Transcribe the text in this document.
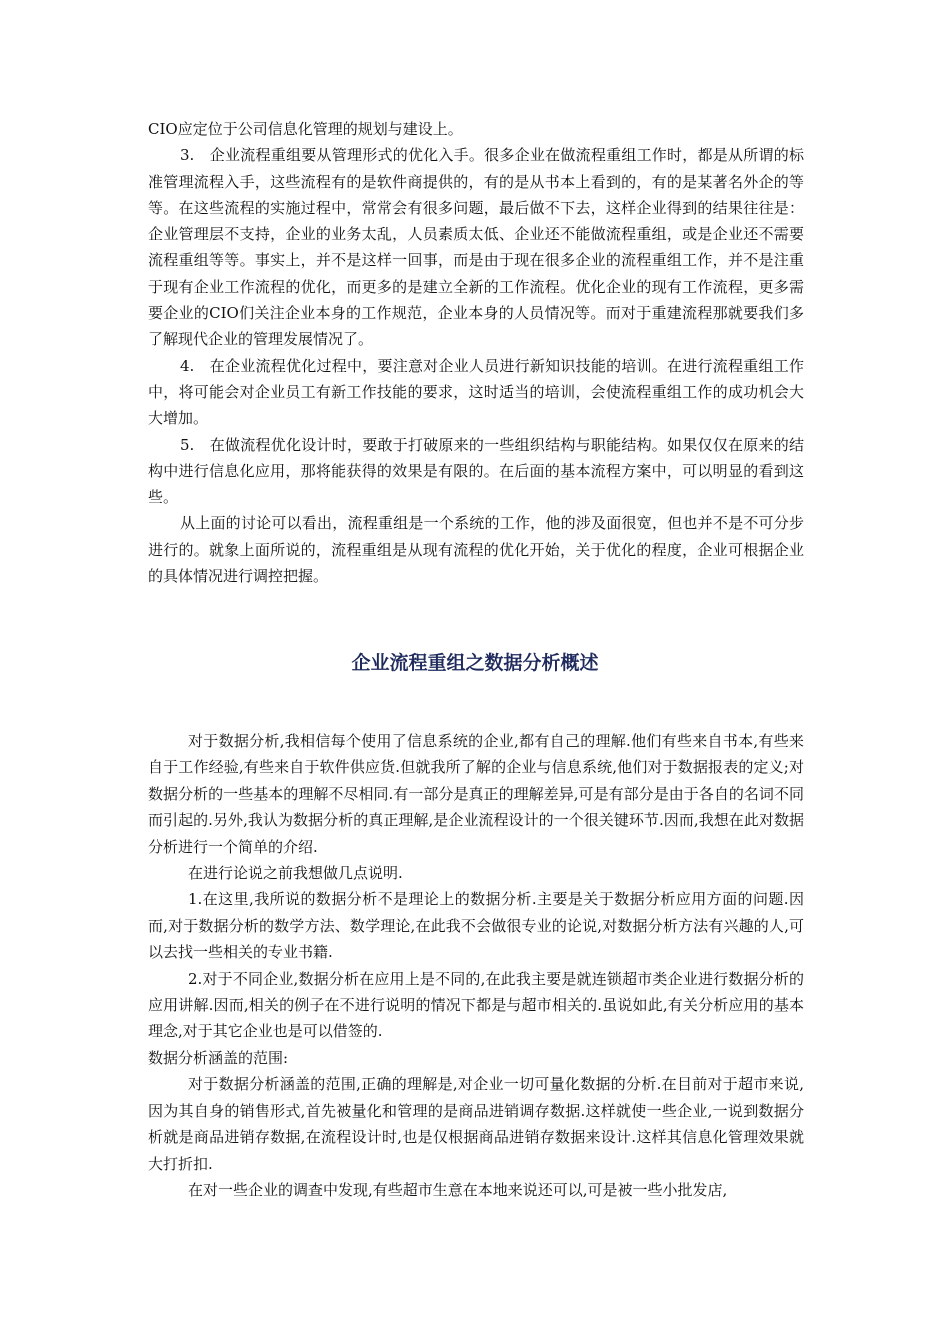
CIO应定位于公司信息化管理的规划与建设上。

3.　企业流程重组要从管理形式的优化入手。很多企业在做流程重组工作时，都是从所谓的标准管理流程入手，这些流程有的是软件商提供的，有的是从书本上看到的，有的是某著名外企的等等。在这些流程的实施过程中，常常会有很多问题，最后做不下去，这样企业得到的结果往往是：企业管理层不支持，企业的业务太乱，人员素质太低、企业还不能做流程重组，或是企业还不需要流程重组等等。事实上，并不是这样一回事，而是由于现在很多企业的流程重组工作，并不是注重于现有企业工作流程的优化，而更多的是建立全新的工作流程。优化企业的现有工作流程，更多需要企业的CIO们关注企业本身的工作规范，企业本身的人员情况等。而对于重建流程那就要我们多了解现代企业的管理发展情况了。

4.　在企业流程优化过程中，要注意对企业人员进行新知识技能的培训。在进行流程重组工作中，将可能会对企业员工有新工作技能的要求，这时适当的培训，会使流程重组工作的成功机会大大增加。

5.　在做流程优化设计时，要敢于打破原来的一些组织结构与职能结构。如果仅仅在原来的结构中进行信息化应用，那将能获得的效果是有限的。在后面的基本流程方案中，可以明显的看到这些。

从上面的讨论可以看出，流程重组是一个系统的工作，他的涉及面很宽，但也并不是不可分步进行的。就象上面所说的，流程重组是从现有流程的优化开始，关于优化的程度，企业可根据企业的具体情况进行调控把握。

企业流程重组之数据分析概述

对于数据分析,我相信每个使用了信息系统的企业,都有自己的理解.他们有些来自书本,有些来自于工作经验,有些来自于软件供应货.但就我所了解的企业与信息系统,他们对于数据报表的定义;对数据分析的一些基本的理解不尽相同.有一部分是真正的理解差异,可是有部分是由于各自的名词不同而引起的.另外,我认为数据分析的真正理解,是企业流程设计的一个很关键环节.因而,我想在此对数据分析进行一个简单的介绍.

在进行论说之前我想做几点说明.

1.在这里,我所说的数据分析不是理论上的数据分析.主要是关于数据分析应用方面的问题.因而,对于数据分析的数学方法、数学理论,在此我不会做很专业的论说,对数据分析方法有兴趣的人,可以去找一些相关的专业书籍.

2.对于不同企业,数据分析在应用上是不同的,在此我主要是就连锁超市类企业进行数据分析的应用讲解.因而,相关的例子在不进行说明的情况下都是与超市相关的.虽说如此,有关分析应用的基本理念,对于其它企业也是可以借签的.

数据分析涵盖的范围:

对于数据分析涵盖的范围,正确的理解是,对企业一切可量化数据的分析.在目前对于超市来说,因为其自身的销售形式,首先被量化和管理的是商品进销调存数据.这样就使一些企业,一说到数据分析就是商品进销存数据,在流程设计时,也是仅根据商品进销存数据来设计.这样其信息化管理效果就大打折扣.

在对一些企业的调查中发现,有些超市生意在本地来说还可以,可是被一些小批发店,
